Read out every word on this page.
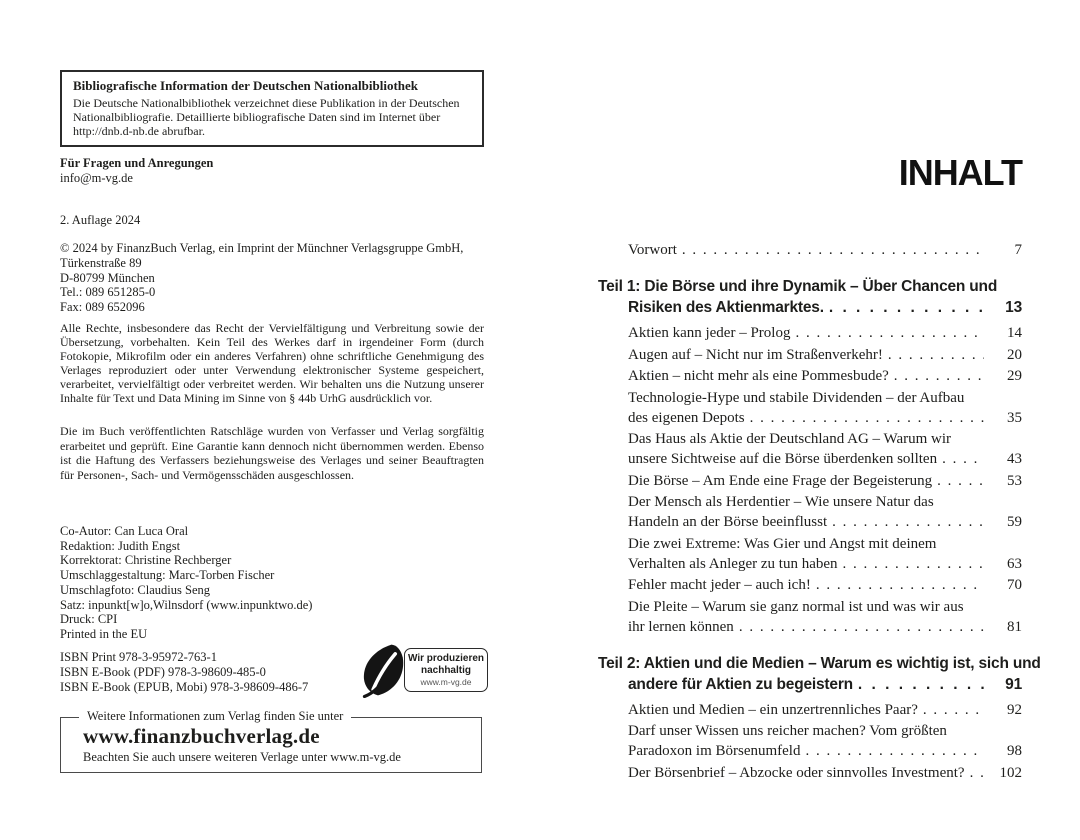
Bibliografische Information der Deutschen Nationalbibliothek
Die Deutsche Nationalbibliothek verzeichnet diese Publikation in der Deutschen Nationalbibliografie. Detaillierte bibliografische Daten sind im Internet über http://dnb.d-nb.de abrufbar.
Für Fragen und Anregungen
info@m-vg.de
2. Auflage 2024
© 2024 by FinanzBuch Verlag, ein Imprint der Münchner Verlagsgruppe GmbH,
Türkenstraße 89
D-80799 München
Tel.: 089 651285-0
Fax: 089 652096

Alle Rechte, insbesondere das Recht der Vervielfältigung und Verbreitung sowie der Übersetzung, vorbehalten. Kein Teil des Werkes darf in irgendeiner Form (durch Fotokopie, Mikrofilm oder ein anderes Verfahren) ohne schriftliche Genehmigung des Verlages reproduziert oder unter Verwendung elektronischer Systeme gespeichert, verarbeitet, vervielfältigt oder verbreitet werden. Wir behalten uns die Nutzung unserer Inhalte für Text und Data Mining im Sinne von § 44b UrhG ausdrücklich vor.

Die im Buch veröffentlichten Ratschläge wurden von Verfasser und Verlag sorgfältig erarbeitet und geprüft. Eine Garantie kann dennoch nicht übernommen werden. Ebenso ist die Haftung des Verfassers beziehungsweise des Verlages und seiner Beauftragten für Personen-, Sach- und Vermögensschäden ausgeschlossen.

Co-Autor: Can Luca Oral
Redaktion: Judith Engst
Korrektorat: Christine Rechberger
Umschlaggestaltung: Marc-Torben Fischer
Umschlagfoto: Claudius Seng
Satz: inpunkt[w]o,Wilnsdorf (www.inpunktwo.de)
Druck: CPI
Printed in the EU
ISBN Print 978-3-95972-763-1
ISBN E-Book (PDF) 978-3-98609-485-0
ISBN E-Book (EPUB, Mobi) 978-3-98609-486-7
Wir produzieren
nachhaltig
www.m-vg.de
Weitere Informationen zum Verlag finden Sie unter
www.finanzbuchverlag.de
Beachten Sie auch unsere weiteren Verlage unter www.m-vg.de
INHALT
Vorwort . . .	7
Teil 1: Die Börse und ihre Dynamik – Über Chancen und
Risiken des Aktienmarktes. . . .	13
Aktien kann jeder – Prolog . . .	14
Augen auf – Nicht nur im Straßenverkehr! . . .	20
Aktien – nicht mehr als eine Pommesbude? . . .	29
Technologie-Hype und stabile Dividenden – der Aufbau
des eigenen Depots . . .	35
Das Haus als Aktie der Deutschland AG – Warum wir
unsere Sichtweise auf die Börse überdenken sollten . . .	43
Die Börse – Am Ende eine Frage der Begeisterung . . .	53
Der Mensch als Herdentier – Wie unsere Natur das
Handeln an der Börse beeinflusst . . .	59
Die zwei Extreme: Was Gier und Angst mit deinem
Verhalten als Anleger zu tun haben . . .	63
Fehler macht jeder – auch ich! . . .	70
Die Pleite – Warum sie ganz normal ist und was wir aus
ihr lernen können . . .	81
Teil 2: Aktien und die Medien – Warum es wichtig ist, sich und
andere für Aktien zu begeistern . . .	91
Aktien und Medien – ein unzertrennliches Paar? . . .	92
Darf unser Wissen uns reicher machen? Vom größten
Paradoxon im Börsenumfeld . . .	98
Der Börsenbrief – Abzocke oder sinnvolles Investment? . . .	102
